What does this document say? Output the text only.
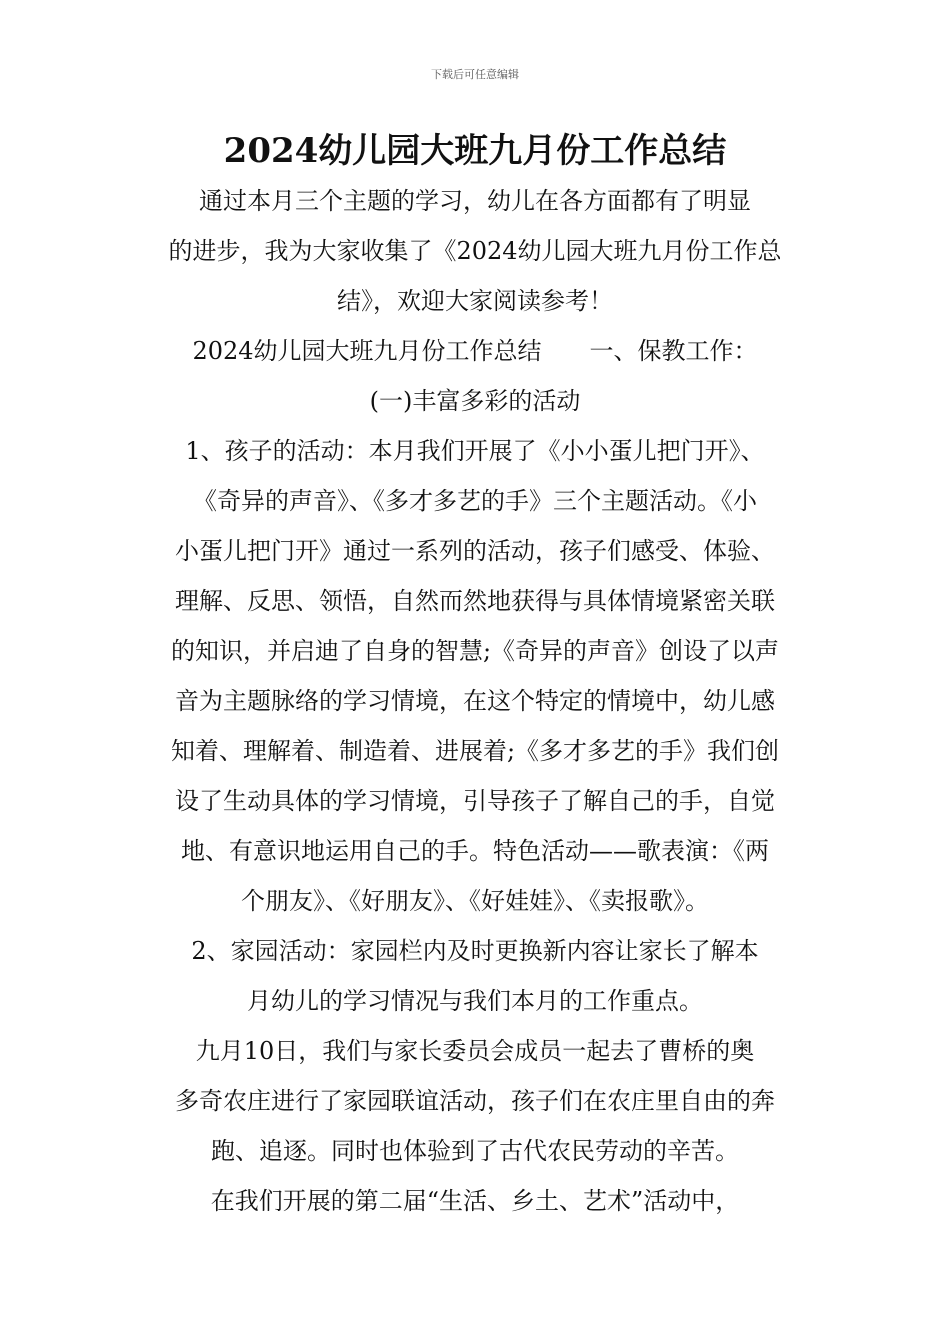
下载后可任意编辑
2024幼儿园大班九月份工作总结
通过本月三个主题的学习，幼儿在各方面都有了明显
的进步，我为大家收集了《2024幼儿园大班九月份工作总
结》，欢迎大家阅读参考！
2024幼儿园大班九月份工作总结　　一、保教工作：
(一)丰富多彩的活动
1、孩子的活动：本月我们开展了《小小蛋儿把门开》、
《奇异的声音》、《多才多艺的手》三个主题活动。《小
小蛋儿把门开》通过一系列的活动，孩子们感受、体验、
理解、反思、领悟，自然而然地获得与具体情境紧密关联
的知识，并启迪了自身的智慧;《奇异的声音》创设了以声
音为主题脉络的学习情境，在这个特定的情境中，幼儿感
知着、理解着、制造着、进展着;《多才多艺的手》我们创
设了生动具体的学习情境，引导孩子了解自己的手，自觉
地、有意识地运用自己的手。特色活动——歌表演：《两
个朋友》、《好朋友》、《好娃娃》、《卖报歌》。
2、家园活动：家园栏内及时更换新内容让家长了解本
月幼儿的学习情况与我们本月的工作重点。
九月10日，我们与家长委员会成员一起去了曹桥的奥
多奇农庄进行了家园联谊活动，孩子们在农庄里自由的奔
跑、追逐。同时也体验到了古代农民劳动的辛苦。
在我们开展的第二届“生活、乡土、艺术”活动中，
